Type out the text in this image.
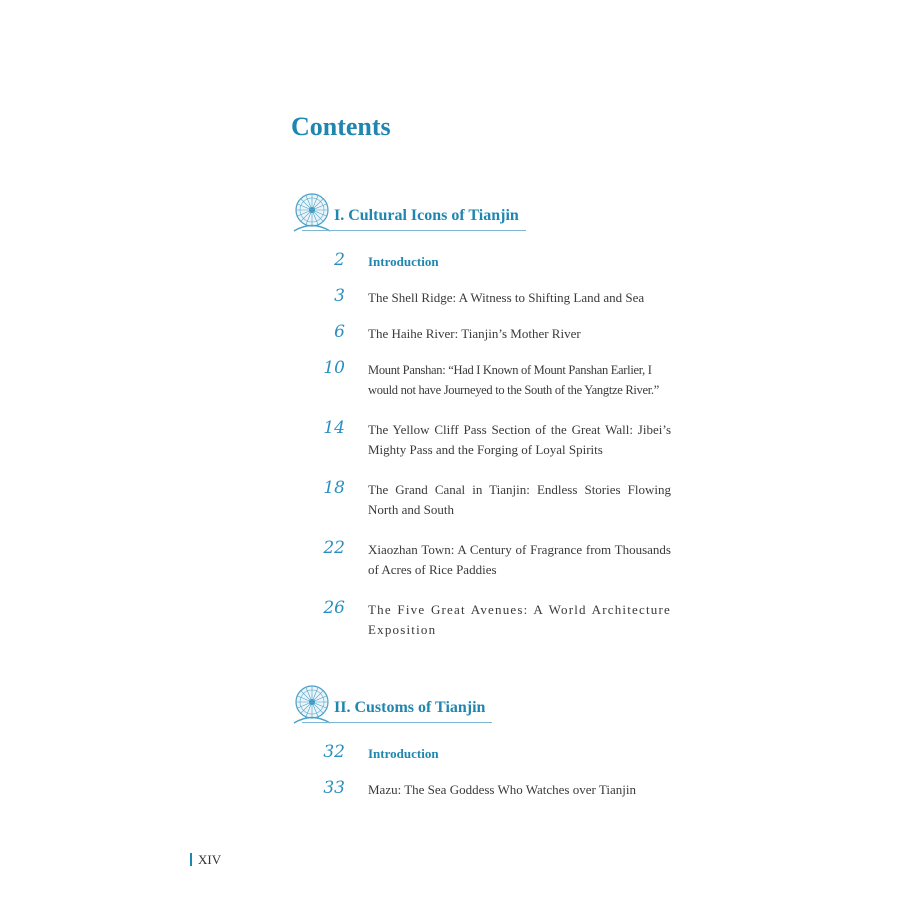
Contents
I. Cultural Icons of Tianjin
2 Introduction
3 The Shell Ridge: A Witness to Shifting Land and Sea
6 The Haihe River: Tianjin’s Mother River
10 Mount Panshan: “Had I Known of Mount Panshan Earlier, I would not have Journeyed to the South of the Yangtze River.”
14 The Yellow Cliff Pass Section of the Great Wall: Jibei’s Mighty Pass and the Forging of Loyal Spirits
18 The Grand Canal in Tianjin: Endless Stories Flowing North and South
22 Xiaozhan Town: A Century of Fragrance from Thousands of Acres of Rice Paddies
26 The Five Great Avenues: A World Architecture Exposition
II. Customs of Tianjin
32 Introduction
33 Mazu: The Sea Goddess Who Watches over Tianjin
XIV
